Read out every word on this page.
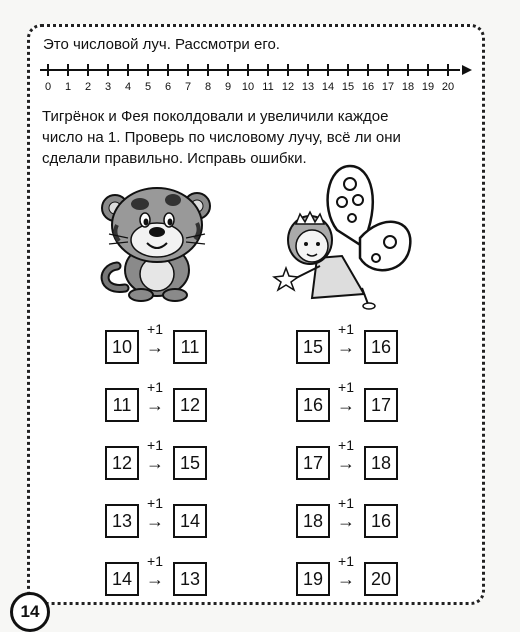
Это числовой луч. Рассмотри его.
0 1 2 3 4 5 6 7 8 9 10 11 12 13 14 15 16 17 18 19 20
Тигрёнок и Фея поколдовали и увеличили каждое
число на 1. Проверь по числовому лучу, всё ли они
сделали правильно. Исправь ошибки.
10
+1
→ 11
11
+1
→ 12
12
+1
→ 15
13
+1
→ 14
14
+1
→ 13
15
+1
→ 16
16
+1
→ 17
17
+1
→ 18
18
+1
→ 16
19
+1
→ 20
14
